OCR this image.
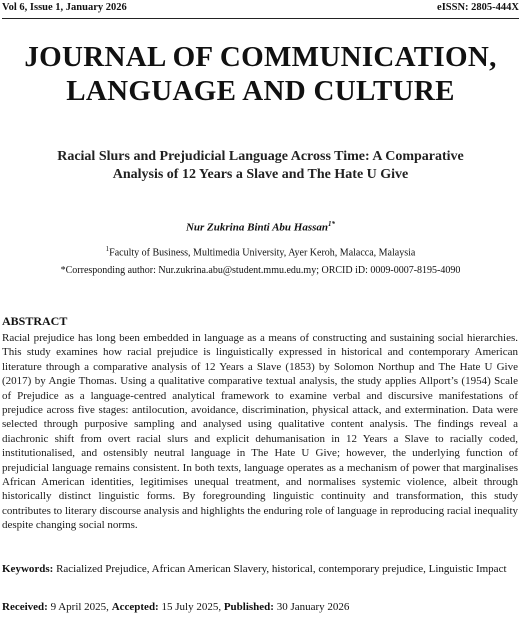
Vol 6, Issue 1, January 2026	eISSN: 2805-444X
JOURNAL OF COMMUNICATION,
LANGUAGE AND CULTURE
Racial Slurs and Prejudicial Language Across Time: A Comparative
Analysis of 12 Years a Slave and The Hate U Give
Nur Zukrina Binti Abu Hassan$^{1*}$
$^1$Faculty of Business, Multimedia University, Ayer Keroh, Malacca, Malaysia
*Corresponding author: Nur.zukrina.abu@student.mmu.edu.my; ORCID iD: 0009-0007-8195-4090
ABSTRACT
Racial prejudice has long been embedded in language as a means of constructing and sustaining social hierarchies. This study examines how racial prejudice is linguistically expressed in historical and contemporary American literature through a comparative analysis of 12 Years a Slave (1853) by Solomon Northup and The Hate U Give (2017) by Angie Thomas. Using a qualitative comparative textual analysis, the study applies Allport’s (1954) Scale of Prejudice as a language-centred analytical framework to examine verbal and discursive manifestations of prejudice across five stages: antilocution, avoidance, discrimination, physical attack, and extermination. Data were selected through purposive sampling and analysed using qualitative content analysis. The findings reveal a diachronic shift from overt racial slurs and explicit dehumanisation in 12 Years a Slave to racially coded, institutionalised, and ostensibly neutral language in The Hate U Give; however, the underlying function of prejudicial language remains consistent. In both texts, language operates as a mechanism of power that marginalises African American identities, legitimises unequal treatment, and normalises systemic violence, albeit through historically distinct linguistic forms. By foregrounding linguistic continuity and transformation, this study contributes to literary discourse analysis and highlights the enduring role of language in reproducing racial inequality despite changing social norms.
Keywords: Racialized Prejudice, African American Slavery, historical, contemporary prejudice, Linguistic Impact
Received: 9 April 2025, Accepted: 15 July 2025, Published: 30 January 2026
